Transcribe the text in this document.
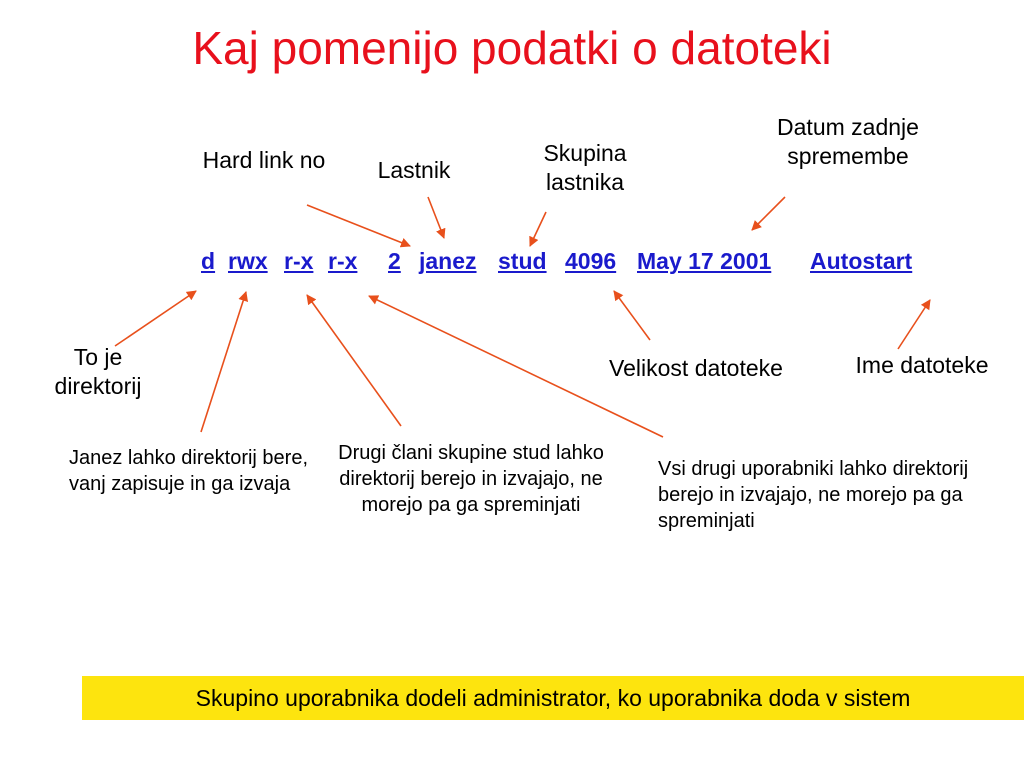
Kaj pomenijo podatki o datoteki
Hard link no	Lastnik
Skupina lastnika
Datum zadnje spremembe
d rwx r-x r-x 2 janez stud 4096 May 17 2001 Autostart
To je direktorij
Velikost datoteke	Ime datoteke
Janez lahko direktorij bere, vanj zapisuje in ga izvaja
Drugi člani skupine stud lahko direktorij berejo in izvajajo, ne morejo pa ga spreminjati
Vsi drugi uporabniki lahko direktorij berejo in izvajajo, ne morejo pa ga spreminjati
Skupino uporabnika dodeli administrator, ko uporabnika doda v sistem
